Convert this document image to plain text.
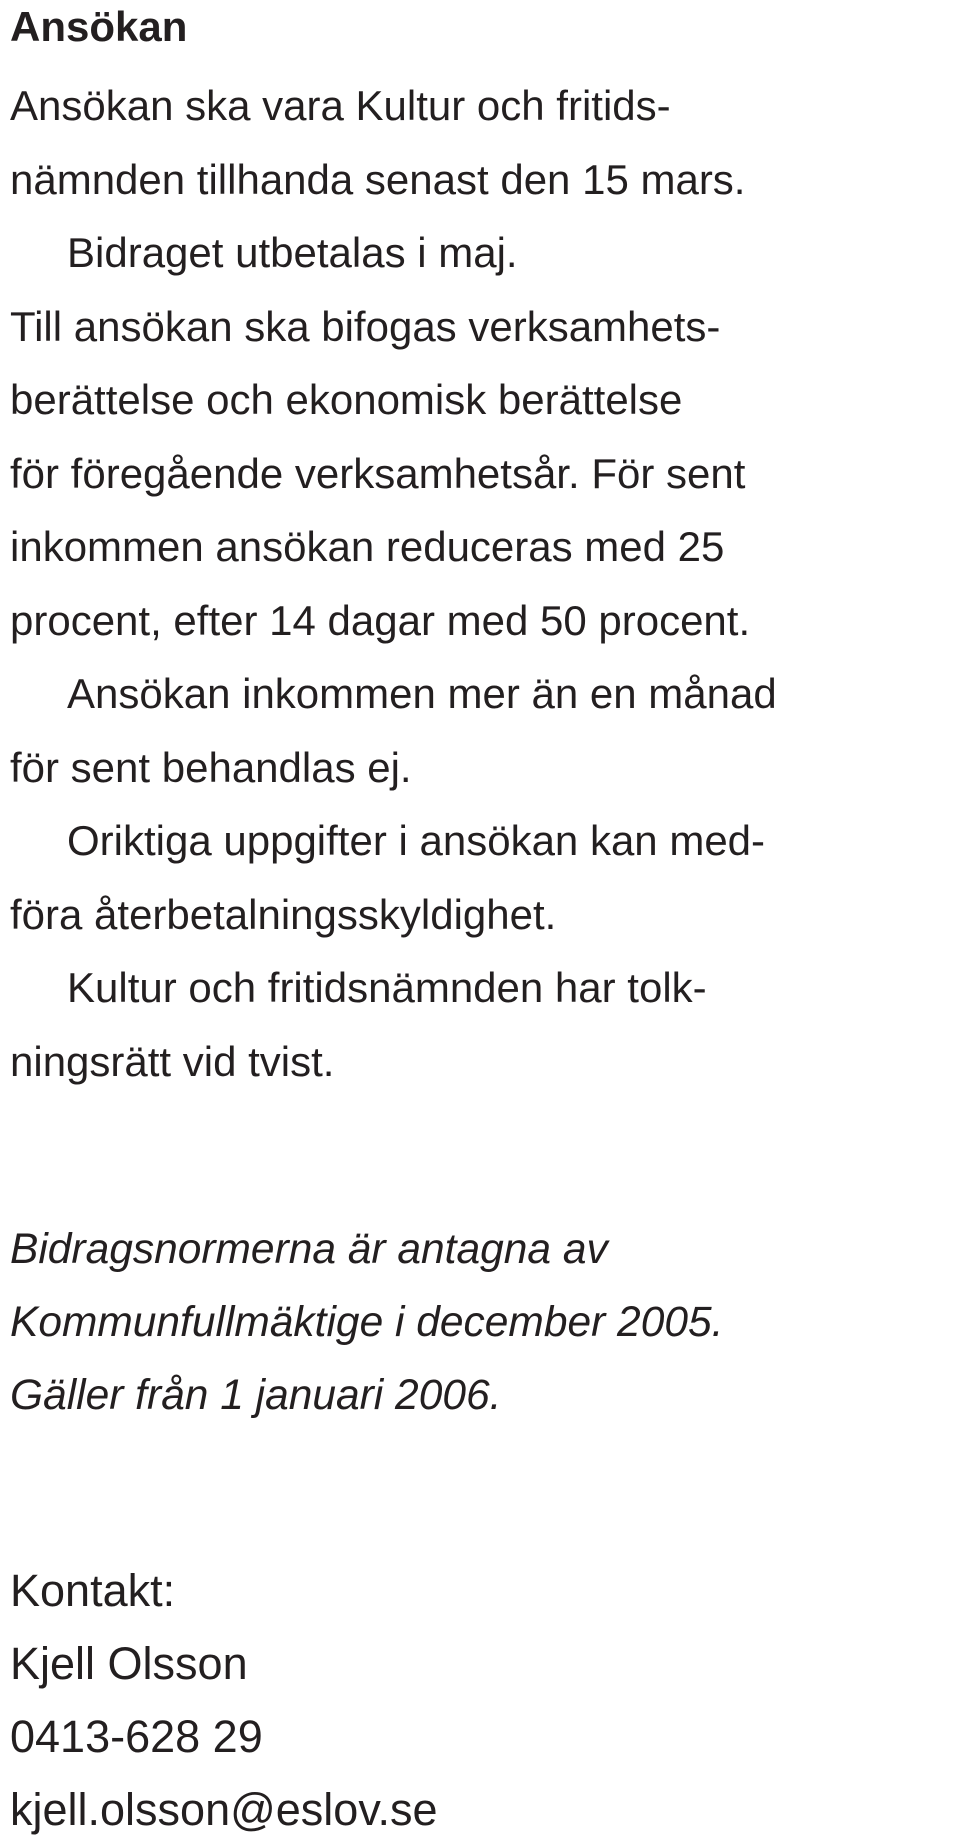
Ansökan
Ansökan ska vara Kultur och fritids-
nämnden tillhanda senast den 15 mars.
Bidraget utbetalas i maj.
Till ansökan ska bifogas verksamhets-
berättelse och ekonomisk berättelse
för föregående verksamhetsår. För sent
inkommen ansökan reduceras med 25
procent, efter 14 dagar med 50 procent.
Ansökan inkommen mer än en månad
för sent behandlas ej.
Oriktiga uppgifter i ansökan kan med-
föra återbetalningsskyldighet.
Kultur och fritidsnämnden har tolk-
ningsrätt vid tvist.
Bidragsnormerna är antagna av
Kommunfullmäktige i december 2005.
Gäller från 1 januari 2006.
Kontakt:
Kjell Olsson
0413-628 29
kjell.olsson@eslov.se
